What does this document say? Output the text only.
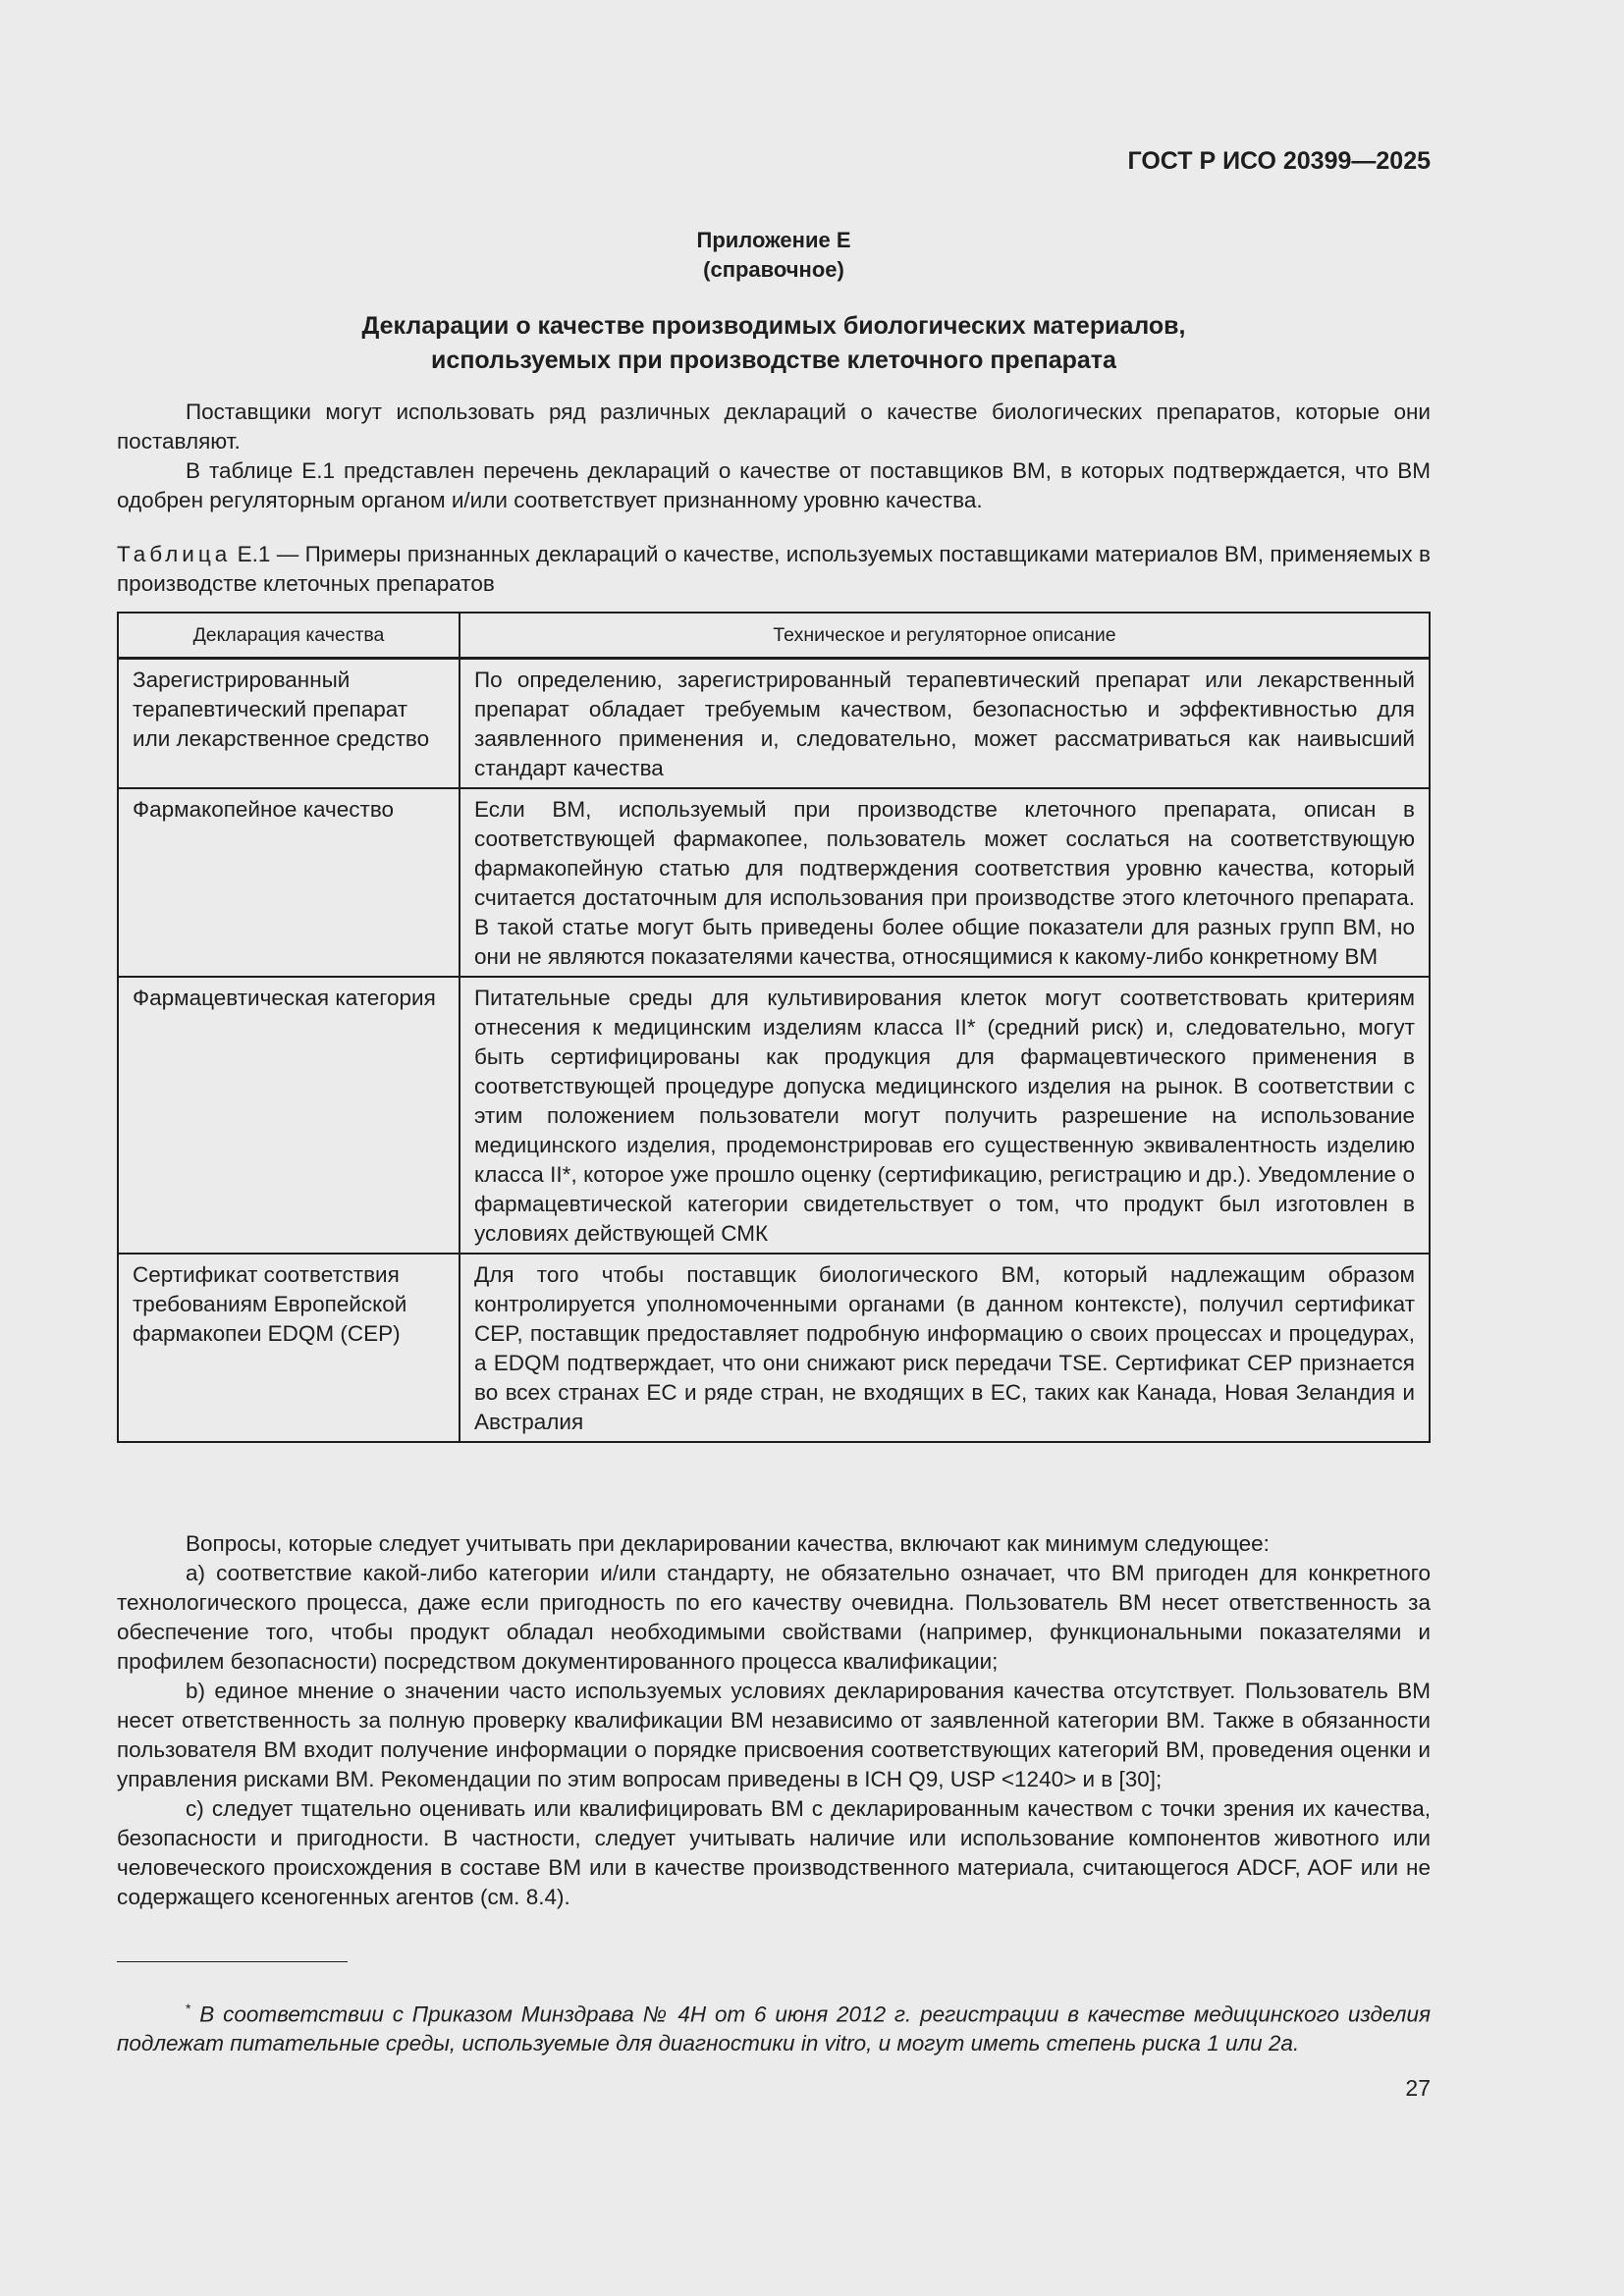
ГОСТ Р ИСО 20399—2025
Приложение Е
(справочное)
Декларации о качестве производимых биологических материалов,
используемых при производстве клеточного препарата

Поставщики могут использовать ряд различных деклараций о качестве биологических препаратов, которые они поставляют.

В таблице Е.1 представлен перечень деклараций о качестве от поставщиков ВМ, в которых подтверждается, что ВМ одобрен регуляторным органом и/или соответствует признанному уровню качества.

Таблица Е.1 — Примеры признанных деклараций о качестве, используемых поставщиками материалов ВМ, применяемых в производстве клеточных препаратов

Декларация качества	Техническое и регуляторное описание
Зарегистрированный терапевтический препарат или лекарственное средство	По определению, зарегистрированный терапевтический препарат или лекарственный препарат обладает требуемым качеством, безопасностью и эффективностью для заявленного применения и, следовательно, может рассматриваться как наивысший стандарт качества
Фармакопейное качество	Если ВМ, используемый при производстве клеточного препарата, описан в соответствующей фармакопее, пользователь может сослаться на соответствующую фармакопейную статью для подтверждения соответствия уровню качества, который считается достаточным для использования при производстве этого клеточного препарата. В такой статье могут быть приведены более общие показатели для разных групп ВМ, но они не являются показателями качества, относящимися к какому-либо конкретному ВМ
Фармацевтическая категория	Питательные среды для культивирования клеток могут соответствовать критериям отнесения к медицинским изделиям класса II* (средний риск) и, следовательно, могут быть сертифицированы как продукция для фармацевтического применения в соответствующей процедуре допуска медицинского изделия на рынок. В соответствии с этим положением пользователи могут получить разрешение на использование медицинского изделия, продемонстрировав его существенную эквивалентность изделию класса II*, которое уже прошло оценку (сертификацию, регистрацию и др.). Уведомление о фармацевтической категории свидетельствует о том, что продукт был изготовлен в условиях действующей СМК
Сертификат соответствия требованиям Европейской фармакопеи EDQM (CEP)	Для того чтобы поставщик биологического ВМ, который надлежащим образом контролируется уполномоченными органами (в данном контексте), получил сертификат CEP, поставщик предоставляет подробную информацию о своих процессах и процедурах, а EDQM подтверждает, что они снижают риск передачи TSE. Сертификат CEP признается во всех странах ЕС и ряде стран, не входящих в ЕС, таких как Канада, Новая Зеландия и Австралия

Вопросы, которые следует учитывать при декларировании качества, включают как минимум следующее:

a) соответствие какой-либо категории и/или стандарту, не обязательно означает, что ВМ пригоден для конкретного технологического процесса, даже если пригодность по его качеству очевидна. Пользователь ВМ несет ответственность за обеспечение того, чтобы продукт обладал необходимыми свойствами (например, функциональными показателями и профилем безопасности) посредством документированного процесса квалификации;

b) единое мнение о значении часто используемых условиях декларирования качества отсутствует. Пользователь ВМ несет ответственность за полную проверку квалификации ВМ независимо от заявленной категории ВМ. Также в обязанности пользователя ВМ входит получение информации о порядке присвоения соответствующих категорий ВМ, проведения оценки и управления рисками ВМ. Рекомендации по этим вопросам приведены в ICH Q9, USP <1240> и в [30];

c) следует тщательно оценивать или квалифицировать ВМ с декларированным качеством с точки зрения их качества, безопасности и пригодности. В частности, следует учитывать наличие или использование компонентов животного или человеческого происхождения в составе ВМ или в качестве производственного материала, считающегося ADCF, AOF или не содержащего ксеногенных агентов (см. 8.4).

* В соответствии с Приказом Минздрава № 4Н от 6 июня 2012 г. регистрации в качестве медицинского изделия подлежат питательные среды, используемые для диагностики in vitro, и могут иметь степень риска 1 или 2а.

27
